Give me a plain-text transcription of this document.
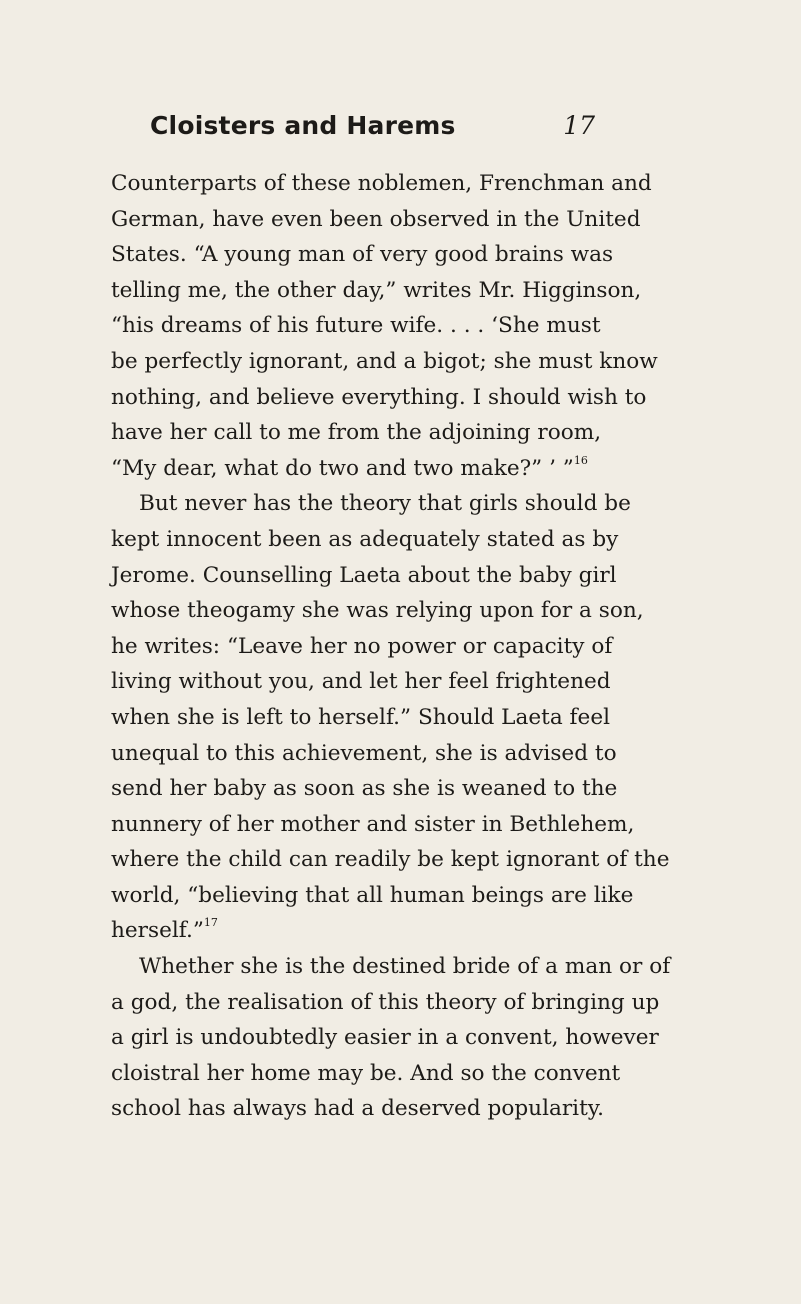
Cloisters and Harems	17
Counterparts of these noblemen, Frenchman and
German, have even been observed in the United
States. “A young man of very good brains was
telling me, the other day,” writes Mr. Higginson,
“his dreams of his future wife. . . . ‘She must
be perfectly ignorant, and a bigot; she must know
nothing, and believe everything. I should wish to
have her call to me from the adjoining room,
“My dear, what do two and two make?” ’ ”$^{16}$
But never has the theory that girls should be
kept innocent been as adequately stated as by
Jerome. Counselling Laeta about the baby girl
whose theogamy she was relying upon for a son,
he writes: “Leave her no power or capacity of
living without you, and let her feel frightened
when she is left to herself.” Should Laeta feel
unequal to this achievement, she is advised to
send her baby as soon as she is weaned to the
nunnery of her mother and sister in Bethlehem,
where the child can readily be kept ignorant of the
world, “believing that all human beings are like
herself.”$^{17}$
Whether she is the destined bride of a man or of
a god, the realisation of this theory of bringing up
a girl is undoubtedly easier in a convent, however
cloistral her home may be. And so the convent
school has always had a deserved popularity.
